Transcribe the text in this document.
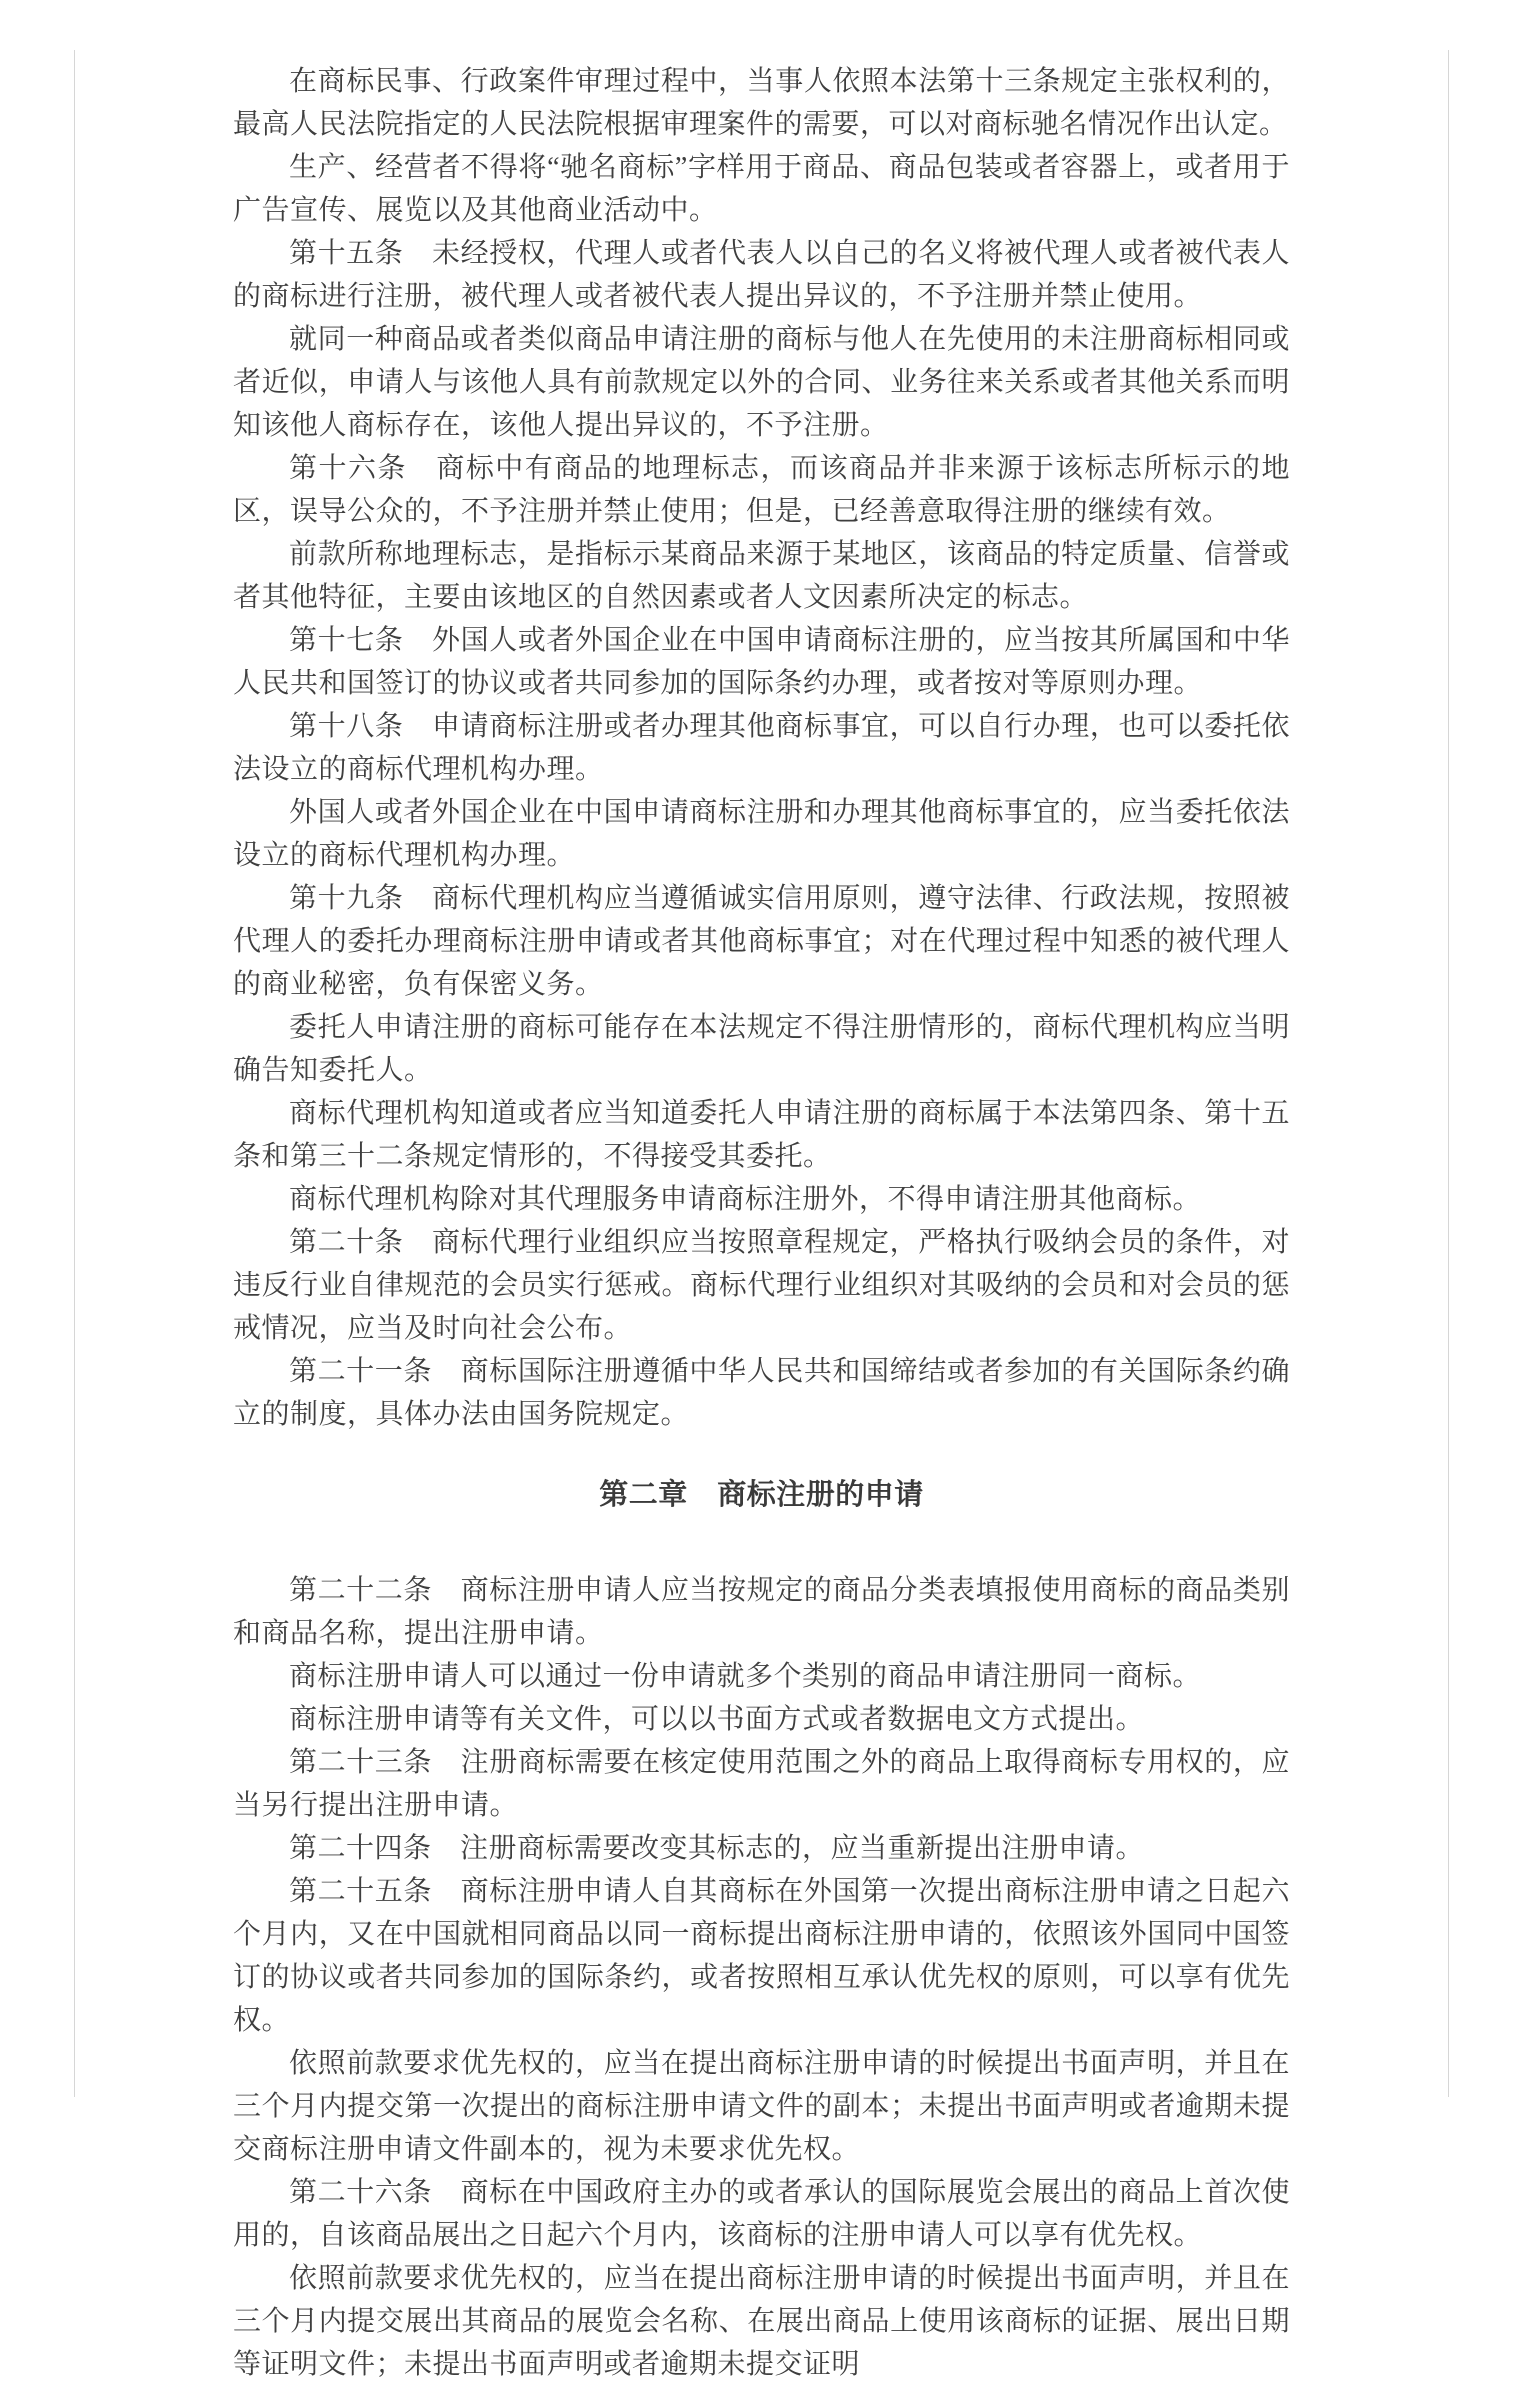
在商标民事、行政案件审理过程中，当事人依照本法第十三条规定主张权利的，最高人民法院指定的人民法院根据审理案件的需要，可以对商标驰名情况作出认定。

生产、经营者不得将“驰名商标”字样用于商品、商品包装或者容器上，或者用于广告宣传、展览以及其他商业活动中。

第十五条　未经授权，代理人或者代表人以自己的名义将被代理人或者被代表人的商标进行注册，被代理人或者被代表人提出异议的，不予注册并禁止使用。

就同一种商品或者类似商品申请注册的商标与他人在先使用的未注册商标相同或者近似，申请人与该他人具有前款规定以外的合同、业务往来关系或者其他关系而明知该他人商标存在，该他人提出异议的，不予注册。

第十六条　商标中有商品的地理标志，而该商品并非来源于该标志所标示的地区，误导公众的，不予注册并禁止使用；但是，已经善意取得注册的继续有效。

前款所称地理标志，是指标示某商品来源于某地区，该商品的特定质量、信誉或者其他特征，主要由该地区的自然因素或者人文因素所决定的标志。

第十七条　外国人或者外国企业在中国申请商标注册的，应当按其所属国和中华人民共和国签订的协议或者共同参加的国际条约办理，或者按对等原则办理。

第十八条　申请商标注册或者办理其他商标事宜，可以自行办理，也可以委托依法设立的商标代理机构办理。

外国人或者外国企业在中国申请商标注册和办理其他商标事宜的，应当委托依法设立的商标代理机构办理。

第十九条　商标代理机构应当遵循诚实信用原则，遵守法律、行政法规，按照被代理人的委托办理商标注册申请或者其他商标事宜；对在代理过程中知悉的被代理人的商业秘密，负有保密义务。

委托人申请注册的商标可能存在本法规定不得注册情形的，商标代理机构应当明确告知委托人。

商标代理机构知道或者应当知道委托人申请注册的商标属于本法第四条、第十五条和第三十二条规定情形的，不得接受其委托。

商标代理机构除对其代理服务申请商标注册外，不得申请注册其他商标。

第二十条　商标代理行业组织应当按照章程规定，严格执行吸纳会员的条件，对违反行业自律规范的会员实行惩戒。商标代理行业组织对其吸纳的会员和对会员的惩戒情况，应当及时向社会公布。

第二十一条　商标国际注册遵循中华人民共和国缔结或者参加的有关国际条约确立的制度，具体办法由国务院规定。

第二章　商标注册的申请

第二十二条　商标注册申请人应当按规定的商品分类表填报使用商标的商品类别和商品名称，提出注册申请。

商标注册申请人可以通过一份申请就多个类别的商品申请注册同一商标。

商标注册申请等有关文件，可以以书面方式或者数据电文方式提出。

第二十三条　注册商标需要在核定使用范围之外的商品上取得商标专用权的，应当另行提出注册申请。

第二十四条　注册商标需要改变其标志的，应当重新提出注册申请。

第二十五条　商标注册申请人自其商标在外国第一次提出商标注册申请之日起六个月内，又在中国就相同商品以同一商标提出商标注册申请的，依照该外国同中国签订的协议或者共同参加的国际条约，或者按照相互承认优先权的原则，可以享有优先权。

依照前款要求优先权的，应当在提出商标注册申请的时候提出书面声明，并且在三个月内提交第一次提出的商标注册申请文件的副本；未提出书面声明或者逾期未提交商标注册申请文件副本的，视为未要求优先权。

第二十六条　商标在中国政府主办的或者承认的国际展览会展出的商品上首次使用的，自该商品展出之日起六个月内，该商标的注册申请人可以享有优先权。

依照前款要求优先权的，应当在提出商标注册申请的时候提出书面声明，并且在三个月内提交展出其商品的展览会名称、在展出商品上使用该商标的证据、展出日期等证明文件；未提出书面声明或者逾期未提交证明
